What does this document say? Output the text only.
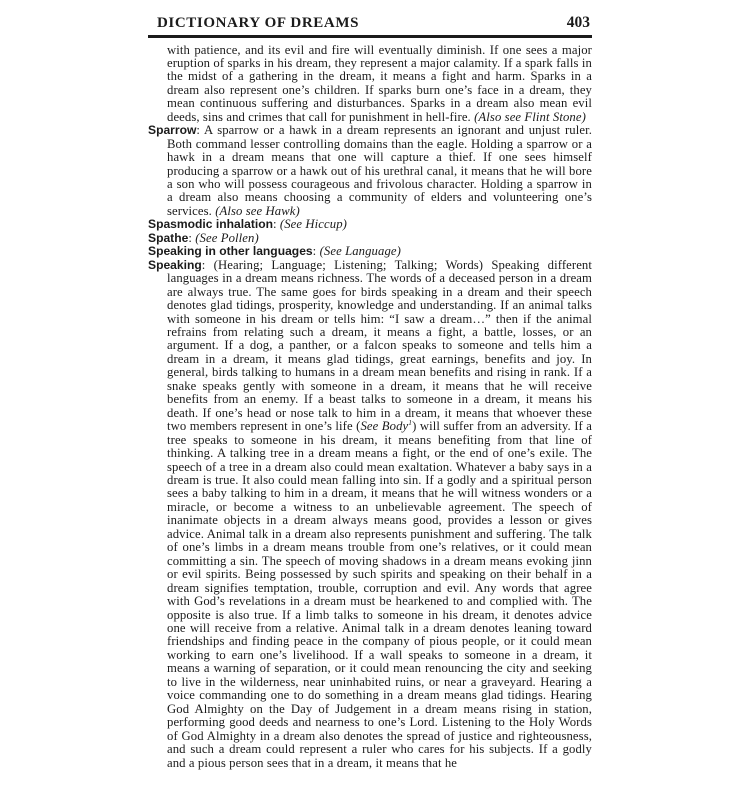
DICTIONARY OF DREAMS	403

with patience, and its evil and fire will eventually diminish. If one sees a major eruption of sparks in his dream, they represent a major calamity. If a spark falls in the midst of a gathering in the dream, it means a fight and harm. Sparks in a dream also represent one’s children. If sparks burn one’s face in a dream, they mean continuous suffering and disturbances. Sparks in a dream also mean evil deeds, sins and crimes that call for punishment in hell-fire. (Also see Flint Stone)

Sparrow: A sparrow or a hawk in a dream represents an ignorant and unjust ruler. Both command lesser controlling domains than the eagle. Holding a sparrow or a hawk in a dream means that one will capture a thief. If one sees himself producing a sparrow or a hawk out of his urethral canal, it means that he will bore a son who will possess courageous and frivolous character. Holding a sparrow in a dream also means choosing a community of elders and volunteering one’s services. (Also see Hawk)

Spasmodic inhalation: (See Hiccup)

Spathe: (See Pollen)

Speaking in other languages: (See Language)

Speaking: (Hearing; Language; Listening; Talking; Words) Speaking different languages in a dream means richness. The words of a deceased person in a dream are always true. The same goes for birds speaking in a dream and their speech denotes glad tidings, prosperity, knowledge and understanding. If an animal talks with someone in his dream or tells him: “I saw a dream…” then if the animal refrains from relating such a dream, it means a fight, a battle, losses, or an argument. If a dog, a panther, or a falcon speaks to someone and tells him a dream in a dream, it means glad tidings, great earnings, benefits and joy. In general, birds talking to humans in a dream mean benefits and rising in rank. If a snake speaks gently with someone in a dream, it means that he will receive benefits from an enemy. If a beast talks to someone in a dream, it means his death. If one’s head or nose talk to him in a dream, it means that whoever these two members represent in one’s life (See Body$^1$) will suffer from an adversity. If a tree speaks to someone in his dream, it means benefiting from that line of thinking. A talking tree in a dream means a fight, or the end of one’s exile. The speech of a tree in a dream also could mean exaltation. Whatever a baby says in a dream is true. It also could mean falling into sin. If a godly and a spiritual person sees a baby talking to him in a dream, it means that he will witness wonders or a miracle, or become a witness to an unbelievable agreement. The speech of inanimate objects in a dream always means good, provides a lesson or gives advice. Animal talk in a dream also represents punishment and suffering. The talk of one’s limbs in a dream means trouble from one’s relatives, or it could mean committing a sin. The speech of moving shadows in a dream means evoking jinn or evil spirits. Being possessed by such spirits and speaking on their behalf in a dream signifies temptation, trouble, corruption and evil. Any words that agree with God’s revelations in a dream must be hearkened to and complied with. The opposite is also true. If a limb talks to someone in his dream, it denotes advice one will receive from a relative. Animal talk in a dream denotes leaning toward friendships and finding peace in the company of pious people, or it could mean working to earn one’s livelihood. If a wall speaks to someone in a dream, it means a warning of separation, or it could mean renouncing the city and seeking to live in the wilderness, near uninhabited ruins, or near a graveyard. Hearing a voice commanding one to do something in a dream means glad tidings. Hearing God Almighty on the Day of Judgement in a dream means rising in station, performing good deeds and nearness to one’s Lord. Listening to the Holy Words of God Almighty in a dream also denotes the spread of justice and righteousness, and such a dream could represent a ruler who cares for his subjects. If a godly and a pious person sees that in a dream, it means that he
